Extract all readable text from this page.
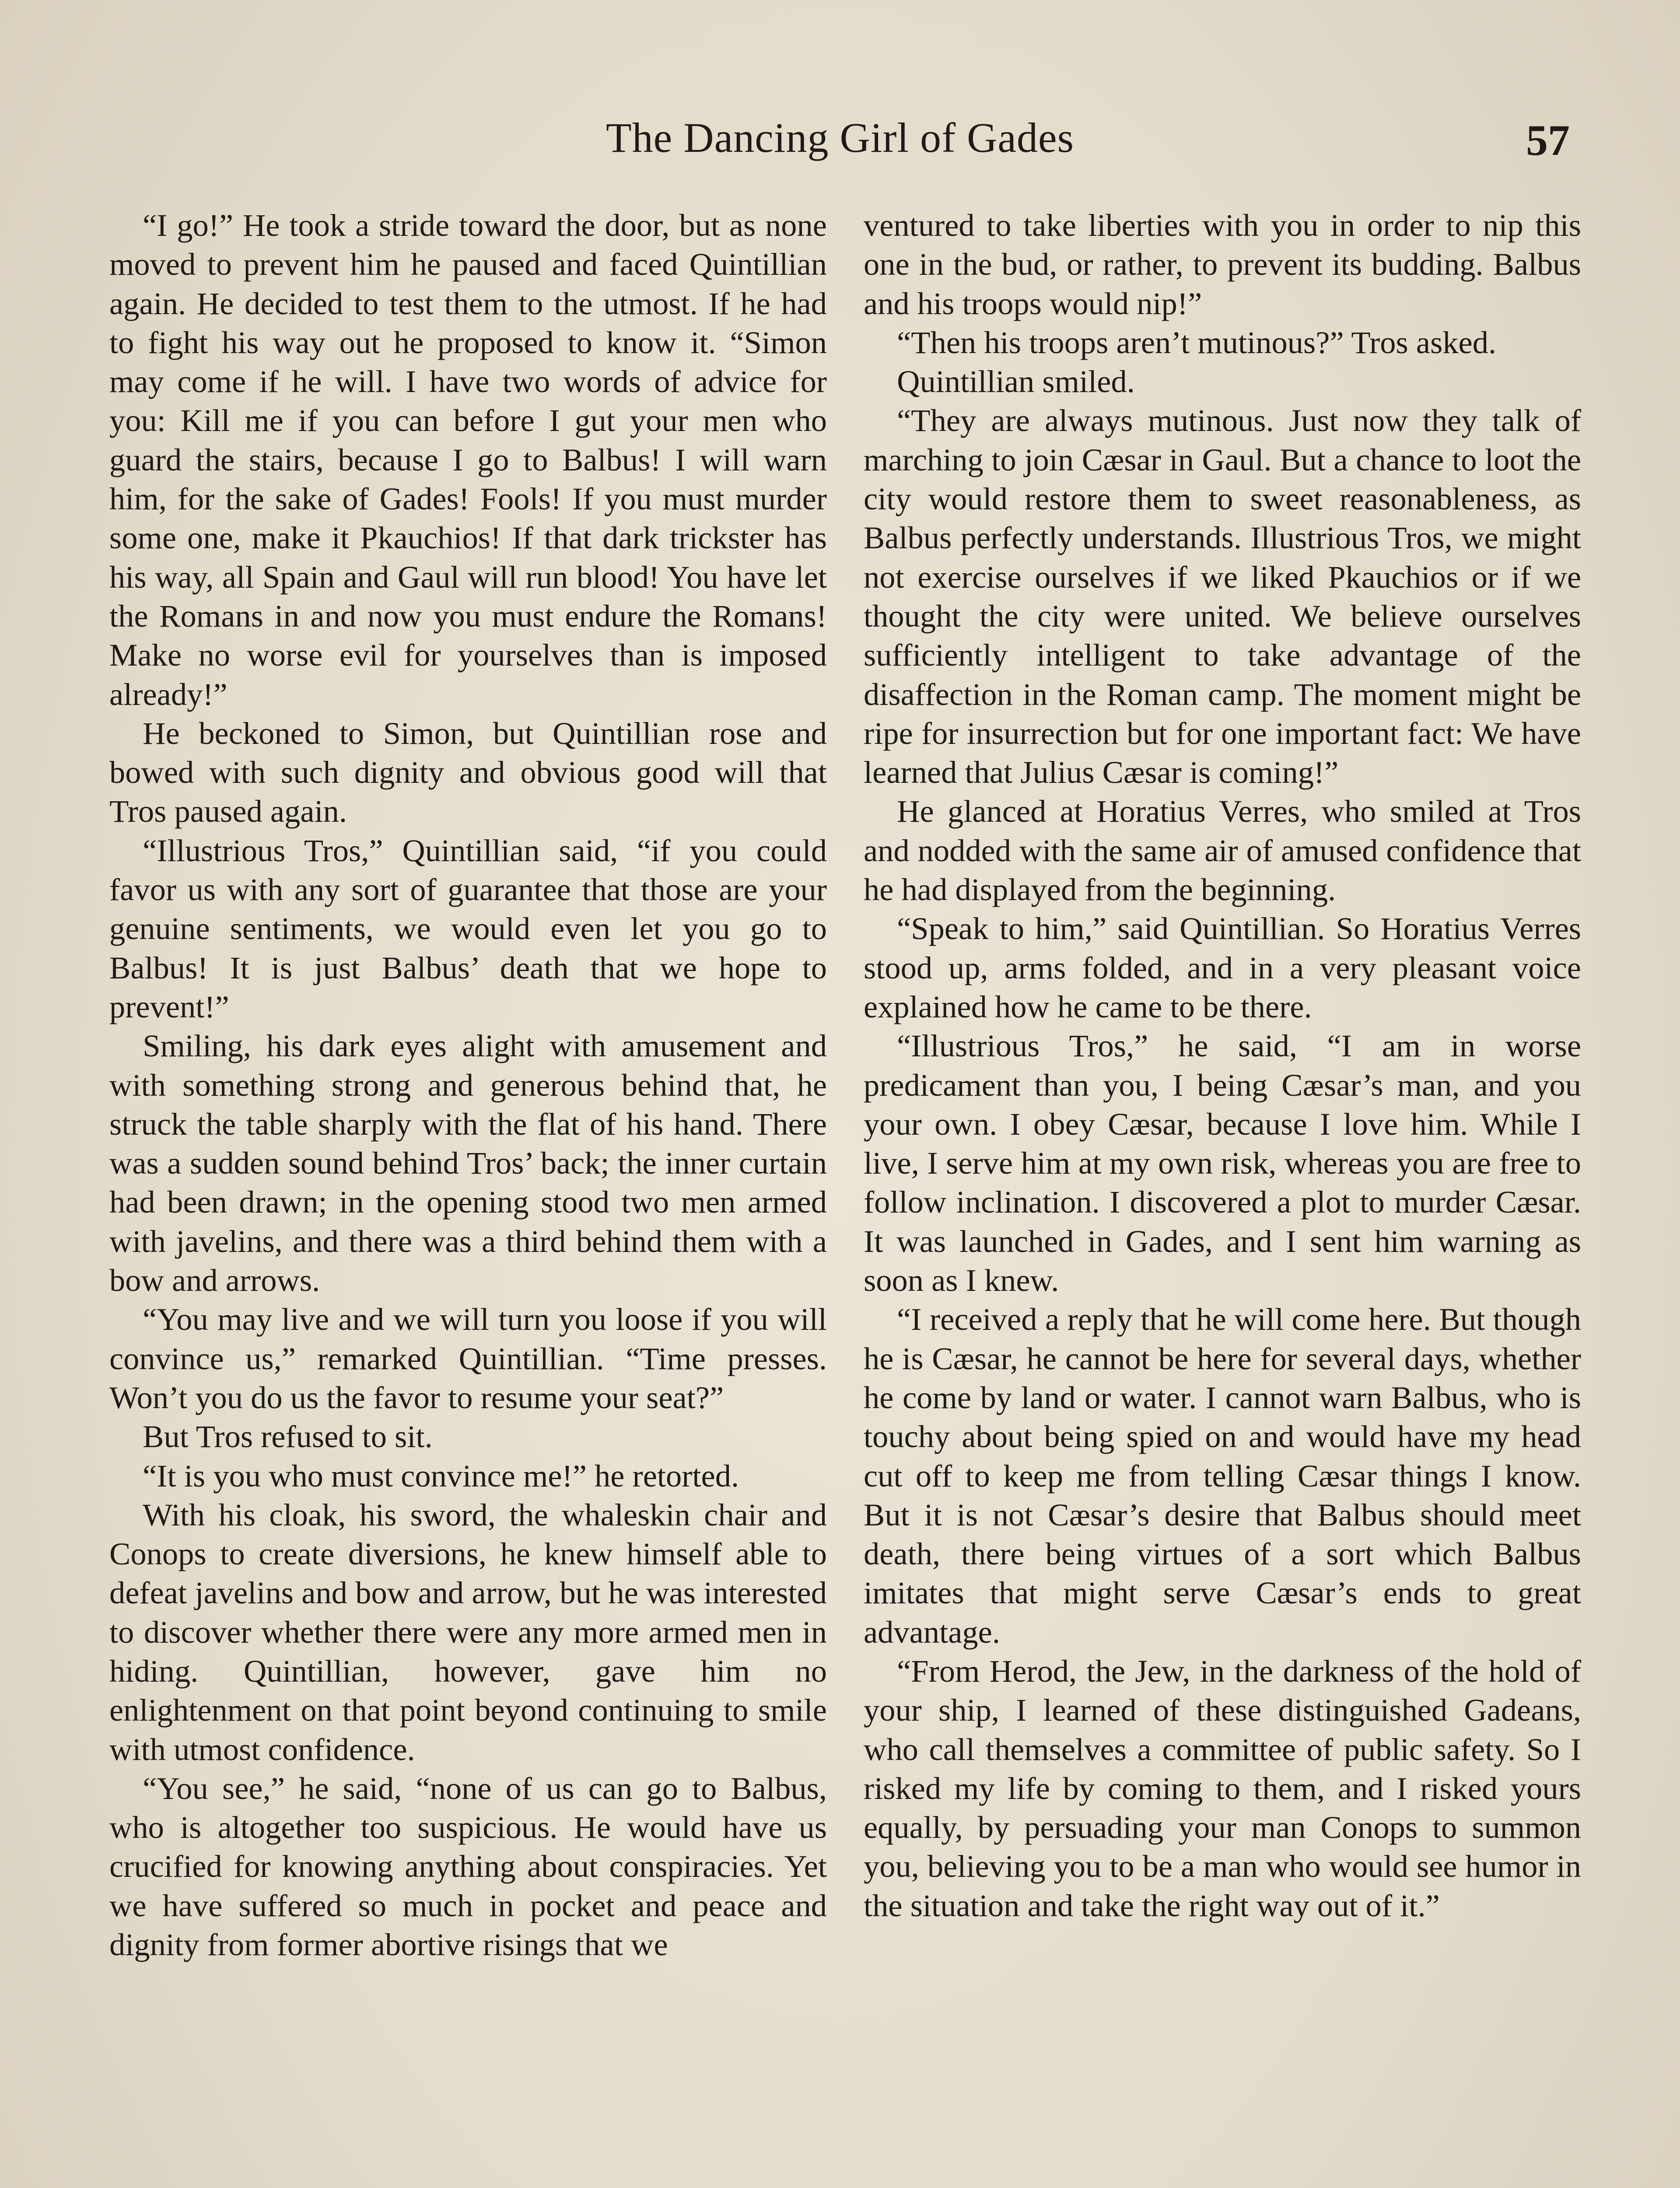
The Dancing Girl of Gades	57

“I go!” He took a stride toward the door, but as none moved to prevent him he paused and faced Quintillian again. He decided to test them to the utmost. If he had to fight his way out he proposed to know it. “Simon may come if he will. I have two words of advice for you: Kill me if you can before I gut your men who guard the stairs, because I go to Balbus! I will warn him, for the sake of Gades! Fools! If you must murder some one, make it Pkauchios! If that dark trickster has his way, all Spain and Gaul will run blood! You have let the Romans in and now you must endure the Romans! Make no worse evil for yourselves than is imposed already!”

He beckoned to Simon, but Quintillian rose and bowed with such dignity and obvious good will that Tros paused again.

“Illustrious Tros,” Quintillian said, “if you could favor us with any sort of guarantee that those are your genuine sentiments, we would even let you go to Balbus! It is just Balbus’ death that we hope to prevent!”

Smiling, his dark eyes alight with amusement and with something strong and generous behind that, he struck the table sharply with the flat of his hand. There was a sudden sound behind Tros’ back; the inner curtain had been drawn; in the opening stood two men armed with javelins, and there was a third behind them with a bow and arrows.

“You may live and we will turn you loose if you will convince us,” remarked Quintillian. “Time presses. Won’t you do us the favor to resume your seat?”

But Tros refused to sit.

“It is you who must convince me!” he retorted.

With his cloak, his sword, the whaleskin chair and Conops to create diversions, he knew himself able to defeat javelins and bow and arrow, but he was interested to discover whether there were any more armed men in hiding. Quintillian, however, gave him no enlightenment on that point beyond continuing to smile with utmost confidence.

“You see,” he said, “none of us can go to Balbus, who is altogether too suspicious. He would have us crucified for knowing anything about conspiracies. Yet we have suffered so much in pocket and peace and dignity from former abortive risings that we

ventured to take liberties with you in order to nip this one in the bud, or rather, to prevent its budding. Balbus and his troops would nip!”

“Then his troops aren’t mutinous?” Tros asked.

Quintillian smiled.

“They are always mutinous. Just now they talk of marching to join Cæsar in Gaul. But a chance to loot the city would restore them to sweet reasonableness, as Balbus perfectly understands. Illustrious Tros, we might not exercise ourselves if we liked Pkauchios or if we thought the city were united. We believe ourselves sufficiently intelligent to take advantage of the disaffection in the Roman camp. The moment might be ripe for insurrection but for one important fact: We have learned that Julius Cæsar is coming!”

He glanced at Horatius Verres, who smiled at Tros and nodded with the same air of amused confidence that he had displayed from the beginning.

“Speak to him,” said Quintillian. So Horatius Verres stood up, arms folded, and in a very pleasant voice explained how he came to be there.

“Illustrious Tros,” he said, “I am in worse predicament than you, I being Cæsar’s man, and you your own. I obey Cæsar, because I love him. While I live, I serve him at my own risk, whereas you are free to follow inclination. I discovered a plot to murder Cæsar. It was launched in Gades, and I sent him warning as soon as I knew.

“I received a reply that he will come here. But though he is Cæsar, he cannot be here for several days, whether he come by land or water. I cannot warn Balbus, who is touchy about being spied on and would have my head cut off to keep me from telling Cæsar things I know. But it is not Cæsar’s desire that Balbus should meet death, there being virtues of a sort which Balbus imitates that might serve Cæsar’s ends to great advantage.

“From Herod, the Jew, in the darkness of the hold of your ship, I learned of these distinguished Gadeans, who call themselves a committee of public safety. So I risked my life by coming to them, and I risked yours equally, by persuading your man Conops to summon you, believing you to be a man who would see humor in the situation and take the right way out of it.”
